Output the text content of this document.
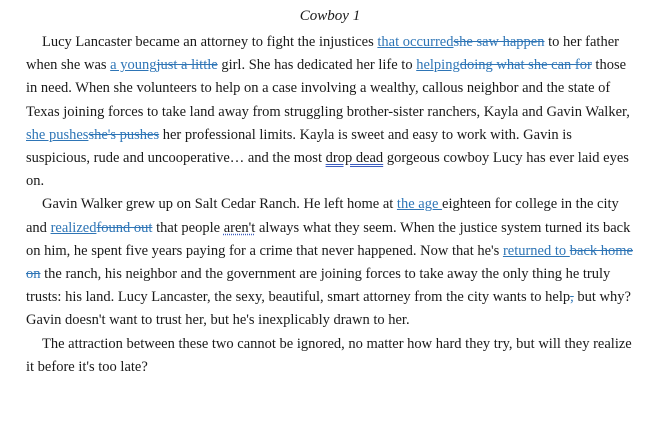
Cowboy 1

Lucy Lancaster became an attorney to fight the injustices that occurredshe saw happen to her father when she was a youngjust a little girl. She has dedicated her life to helpingdoing what she can for those in need. When she volunteers to help on a case involving a wealthy, callous neighbor and the state of Texas joining forces to take land away from struggling brother-sister ranchers, Kayla and Gavin Walker, she pushesshe's pushes her professional limits. Kayla is sweet and easy to work with. Gavin is suspicious, rude and uncooperative… and the most drop dead gorgeous cowboy Lucy has ever laid eyes on.

Gavin Walker grew up on Salt Cedar Ranch. He left home at the age eighteen for college in the city and realizedfound out that people aren't always what they seem. When the justice system turned its back on him, he spent five years paying for a crime that never happened. Now that he's returned to back home on the ranch, his neighbor and the government are joining forces to take away the only thing he truly trusts: his land. Lucy Lancaster, the sexy, beautiful, smart attorney from the city wants to help, but why? Gavin doesn't want to trust her, but he's inexplicably drawn to her.

The attraction between these two cannot be ignored, no matter how hard they try, but will they realize it before it's too late?
